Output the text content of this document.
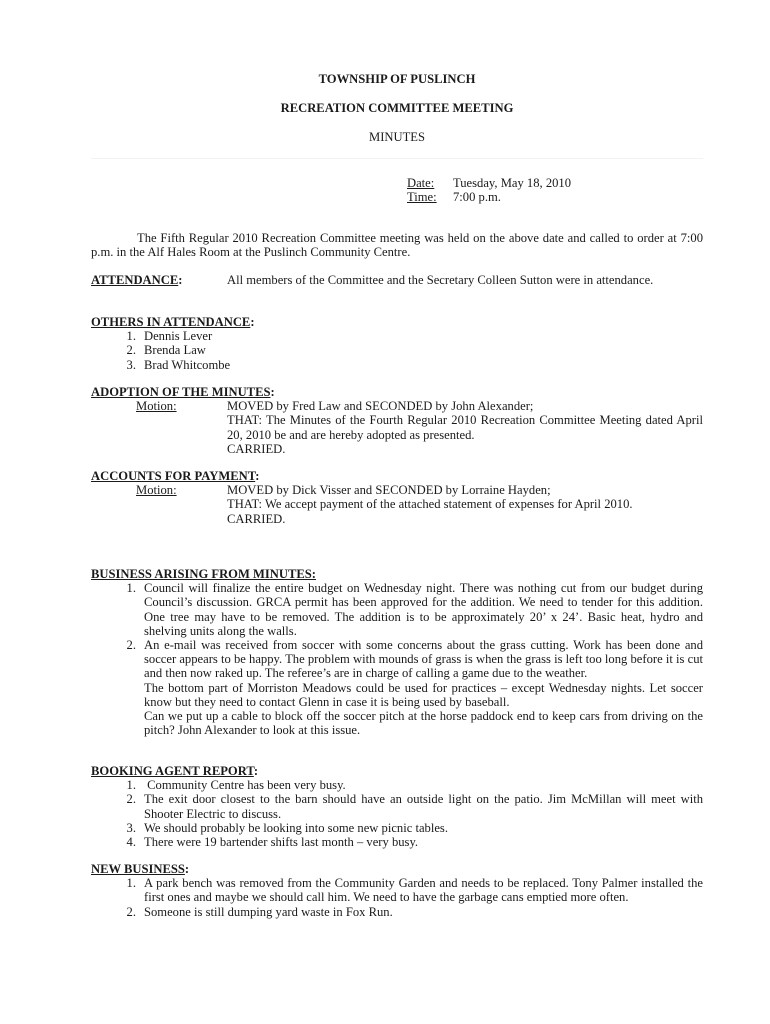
TOWNSHIP OF PUSLINCH
RECREATION COMMITTEE MEETING
MINUTES
Date:	Tuesday, May 18, 2010
Time:	7:00 p.m.
The Fifth Regular 2010 Recreation Committee meeting was held on the above date and called to order at 7:00 p.m. in the Alf Hales Room at the Puslinch Community Centre.
ATTENDANCE:	All members of the Committee and the Secretary Colleen Sutton were in attendance.
OTHERS IN ATTENDANCE:
1. Dennis Lever
2. Brenda Law
3. Brad Whitcombe
ADOPTION OF THE MINUTES:
Motion:	MOVED by Fred Law and SECONDED by John Alexander;

THAT: The Minutes of the Fourth Regular 2010 Recreation Committee Meeting dated April 20, 2010 be and are hereby adopted as presented.

CARRIED.

ACCOUNTS FOR PAYMENT:
Motion:	MOVED by Dick Visser and SECONDED by Lorraine Hayden;

THAT: We accept payment of the attached statement of expenses for April 2010.

CARRIED.

BUSINESS ARISING FROM MINUTES:
1. Council will finalize the entire budget on Wednesday night. There was nothing cut from our budget during Council’s discussion. GRCA permit has been approved for the addition. We need to tender for this addition. One tree may have to be removed. The addition is to be approximately 20’ x 24’. Basic heat, hydro and shelving units along the walls.

2. An e-mail was received from soccer with some concerns about the grass cutting. Work has been done and soccer appears to be happy. The problem with mounds of grass is when the grass is left too long before it is cut and then now raked up. The referee’s are in charge of calling a game due to the weather.

The bottom part of Morriston Meadows could be used for practices – except Wednesday nights. Let soccer know but they need to contact Glenn in case it is being used by baseball.

Can we put up a cable to block off the soccer pitch at the horse paddock end to keep cars from driving on the pitch? John Alexander to look at this issue.

BOOKING AGENT REPORT:
1. Community Centre has been very busy.
2. The exit door closest to the barn should have an outside light on the patio. Jim McMillan will meet with Shooter Electric to discuss.
3. We should probably be looking into some new picnic tables.
4. There were 19 bartender shifts last month – very busy.
NEW BUSINESS:
1. A park bench was removed from the Community Garden and needs to be replaced. Tony Palmer installed the first ones and maybe we should call him. We need to have the garbage cans emptied more often.
2. Someone is still dumping yard waste in Fox Run.
